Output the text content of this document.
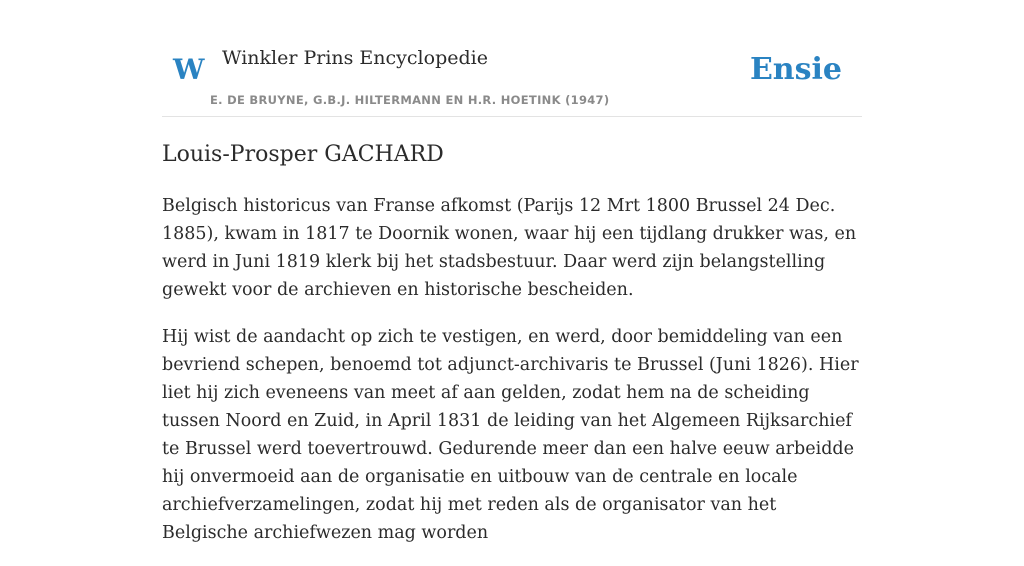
W Winkler Prins Encyclopedie
E. DE BRUYNE, G.B.J. HILTERMANN EN H.R. HOETINK (1947)
Ensie
Louis-Prosper GACHARD

Belgisch historicus van Franse afkomst (Parijs 12 Mrt 1800 Brussel 24 Dec. 1885), kwam in 1817 te Doornik wonen, waar hij een tijdlang drukker was, en werd in Juni 1819 klerk bij het stadsbestuur. Daar werd zijn belangstelling gewekt voor de archieven en historische bescheiden.

Hij wist de aandacht op zich te vestigen, en werd, door bemiddeling van een bevriend schepen, benoemd tot adjunct-archivaris te Brussel (Juni 1826). Hier liet hij zich eveneens van meet af aan gelden, zodat hem na de scheiding tussen Noord en Zuid, in April 1831 de leiding van het Algemeen Rijksarchief te Brussel werd toevertrouwd. Gedurende meer dan een halve eeuw arbeidde hij onvermoeid aan de organisatie en uitbouw van de centrale en locale archiefverzamelingen, zodat hij met reden als de organisator van het Belgische archiefwezen mag worden
